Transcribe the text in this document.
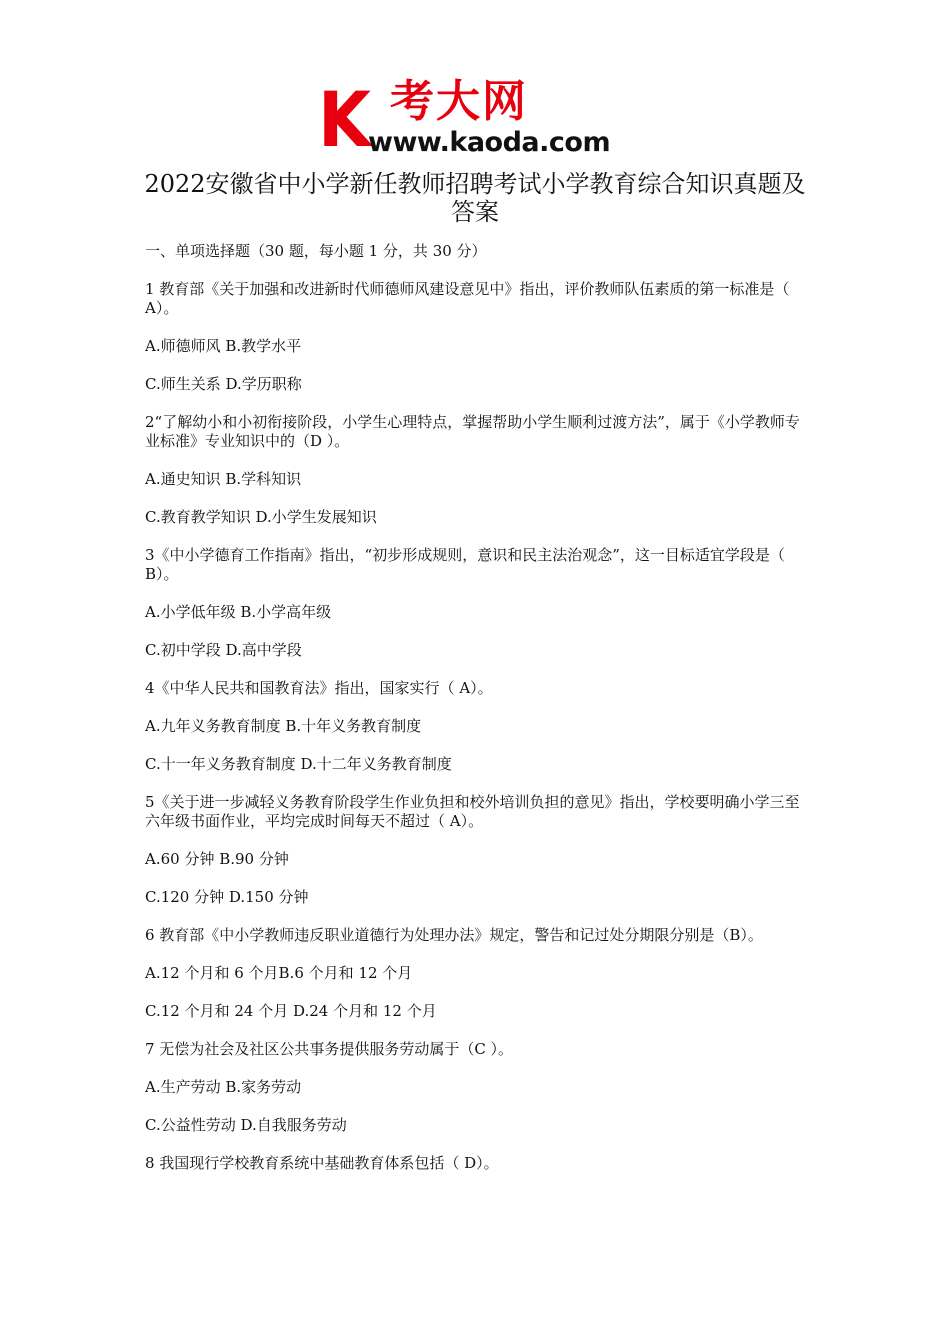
K 考大网
www.kaoda.com
2022安徽省中小学新任教师招聘考试小学教育综合知识真题及答案

一、单项选择题（30 题，每小题 1 分，共 30 分）

1 教育部《关于加强和改进新时代师德师风建设意见中》指出，评价教师队伍素质的第一标准是（ A）。

A.师德师风 B.教学水平

C.师生关系 D.学历职称

2“了解幼小和小初衔接阶段，小学生心理特点，掌握帮助小学生顺利过渡方法”，属于《小学教师专业标准》专业知识中的（D ）。

A.通史知识 B.学科知识

C.教育教学知识 D.小学生发展知识

3《中小学德育工作指南》指出，“初步形成规则，意识和民主法治观念”，这一目标适宜学段是（ B）。

A.小学低年级 B.小学高年级

C.初中学段 D.高中学段

4《中华人民共和国教育法》指出，国家实行（ A）。

A.九年义务教育制度 B.十年义务教育制度

C.十一年义务教育制度 D.十二年义务教育制度

5《关于进一步减轻义务教育阶段学生作业负担和校外培训负担的意见》指出，学校要明确小学三至六年级书面作业，平均完成时间每天不超过（ A）。

A.60 分钟 B.90 分钟

C.120 分钟 D.150 分钟

6 教育部《中小学教师违反职业道德行为处理办法》规定，警告和记过处分期限分别是（B）。

A.12 个月和 6 个月B.6 个月和 12 个月

C.12 个月和 24 个月 D.24 个月和 12 个月

7 无偿为社会及社区公共事务提供服务劳动属于（C ）。

A.生产劳动 B.家务劳动

C.公益性劳动 D.自我服务劳动

8 我国现行学校教育系统中基础教育体系包括（ D）。
